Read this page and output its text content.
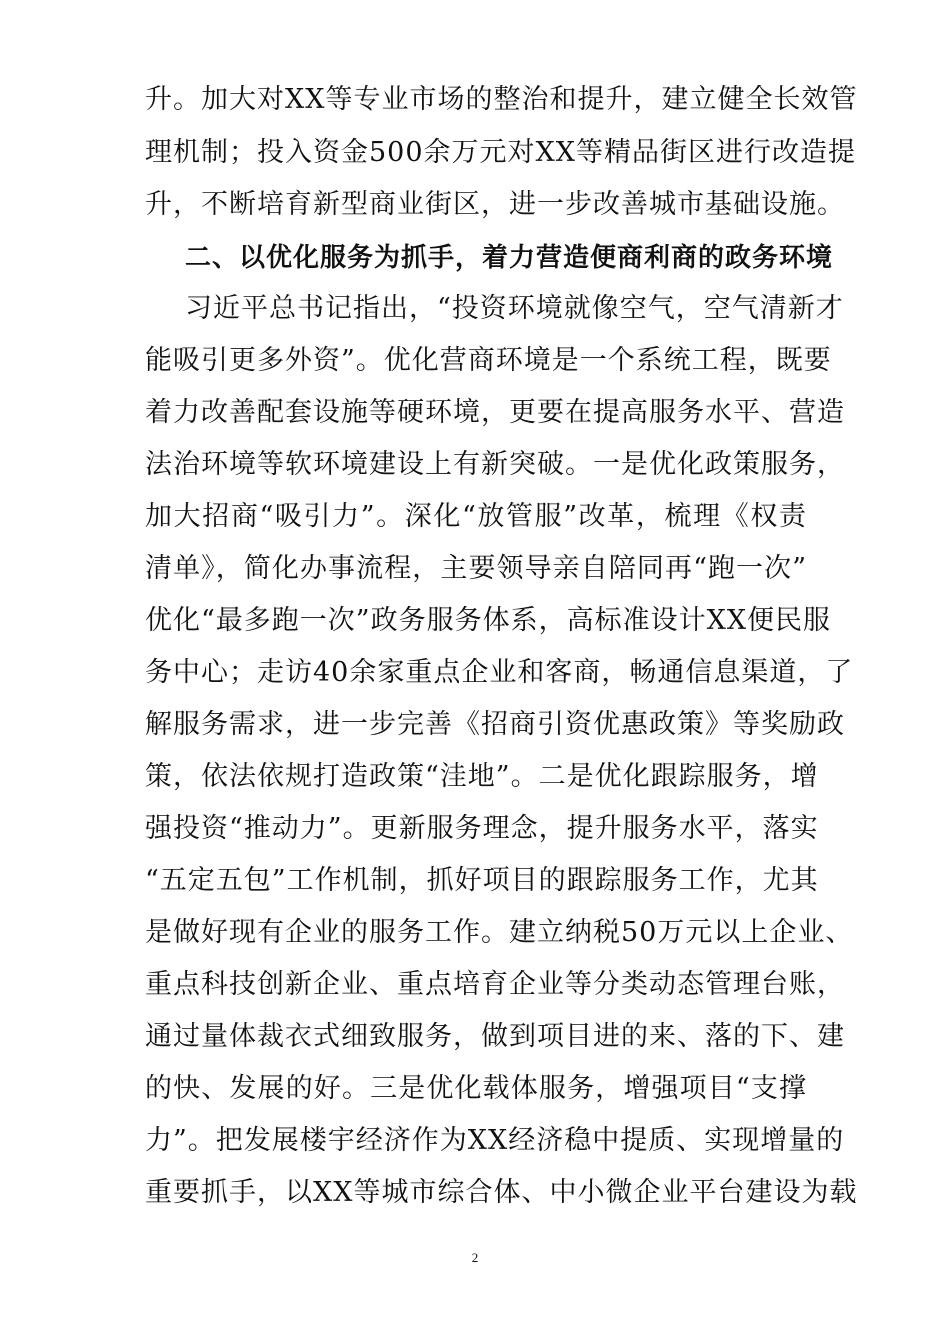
升。加大对XX等专业市场的整治和提升，建立健全长效管
理机制；投入资金500余万元对XX等精品街区进行改造提
升，不断培育新型商业街区，进一步改善城市基础设施。
二、以优化服务为抓手，着力营造便商利商的政务环境
习近平总书记指出，“投资环境就像空气，空气清新才
能吸引更多外资”。优化营商环境是一个系统工程，既要
着力改善配套设施等硬环境，更要在提高服务水平、营造
法治环境等软环境建设上有新突破。一是优化政策服务，
加大招商“吸引力”。深化“放管服”改革，梳理《权责
清单》，简化办事流程，主要领导亲自陪同再“跑一次”
优化“最多跑一次”政务服务体系，高标准设计XX便民服
务中心；走访40余家重点企业和客商，畅通信息渠道，了
解服务需求，进一步完善《招商引资优惠政策》等奖励政
策，依法依规打造政策“洼地”。二是优化跟踪服务，增
强投资“推动力”。更新服务理念，提升服务水平，落实
“五定五包”工作机制，抓好项目的跟踪服务工作，尤其
是做好现有企业的服务工作。建立纳税50万元以上企业、
重点科技创新企业、重点培育企业等分类动态管理台账，
通过量体裁衣式细致服务，做到项目进的来、落的下、建
的快、发展的好。三是优化载体服务，增强项目“支撑
力”。把发展楼宇经济作为XX经济稳中提质、实现增量的
重要抓手，以XX等城市综合体、中小微企业平台建设为载
2
